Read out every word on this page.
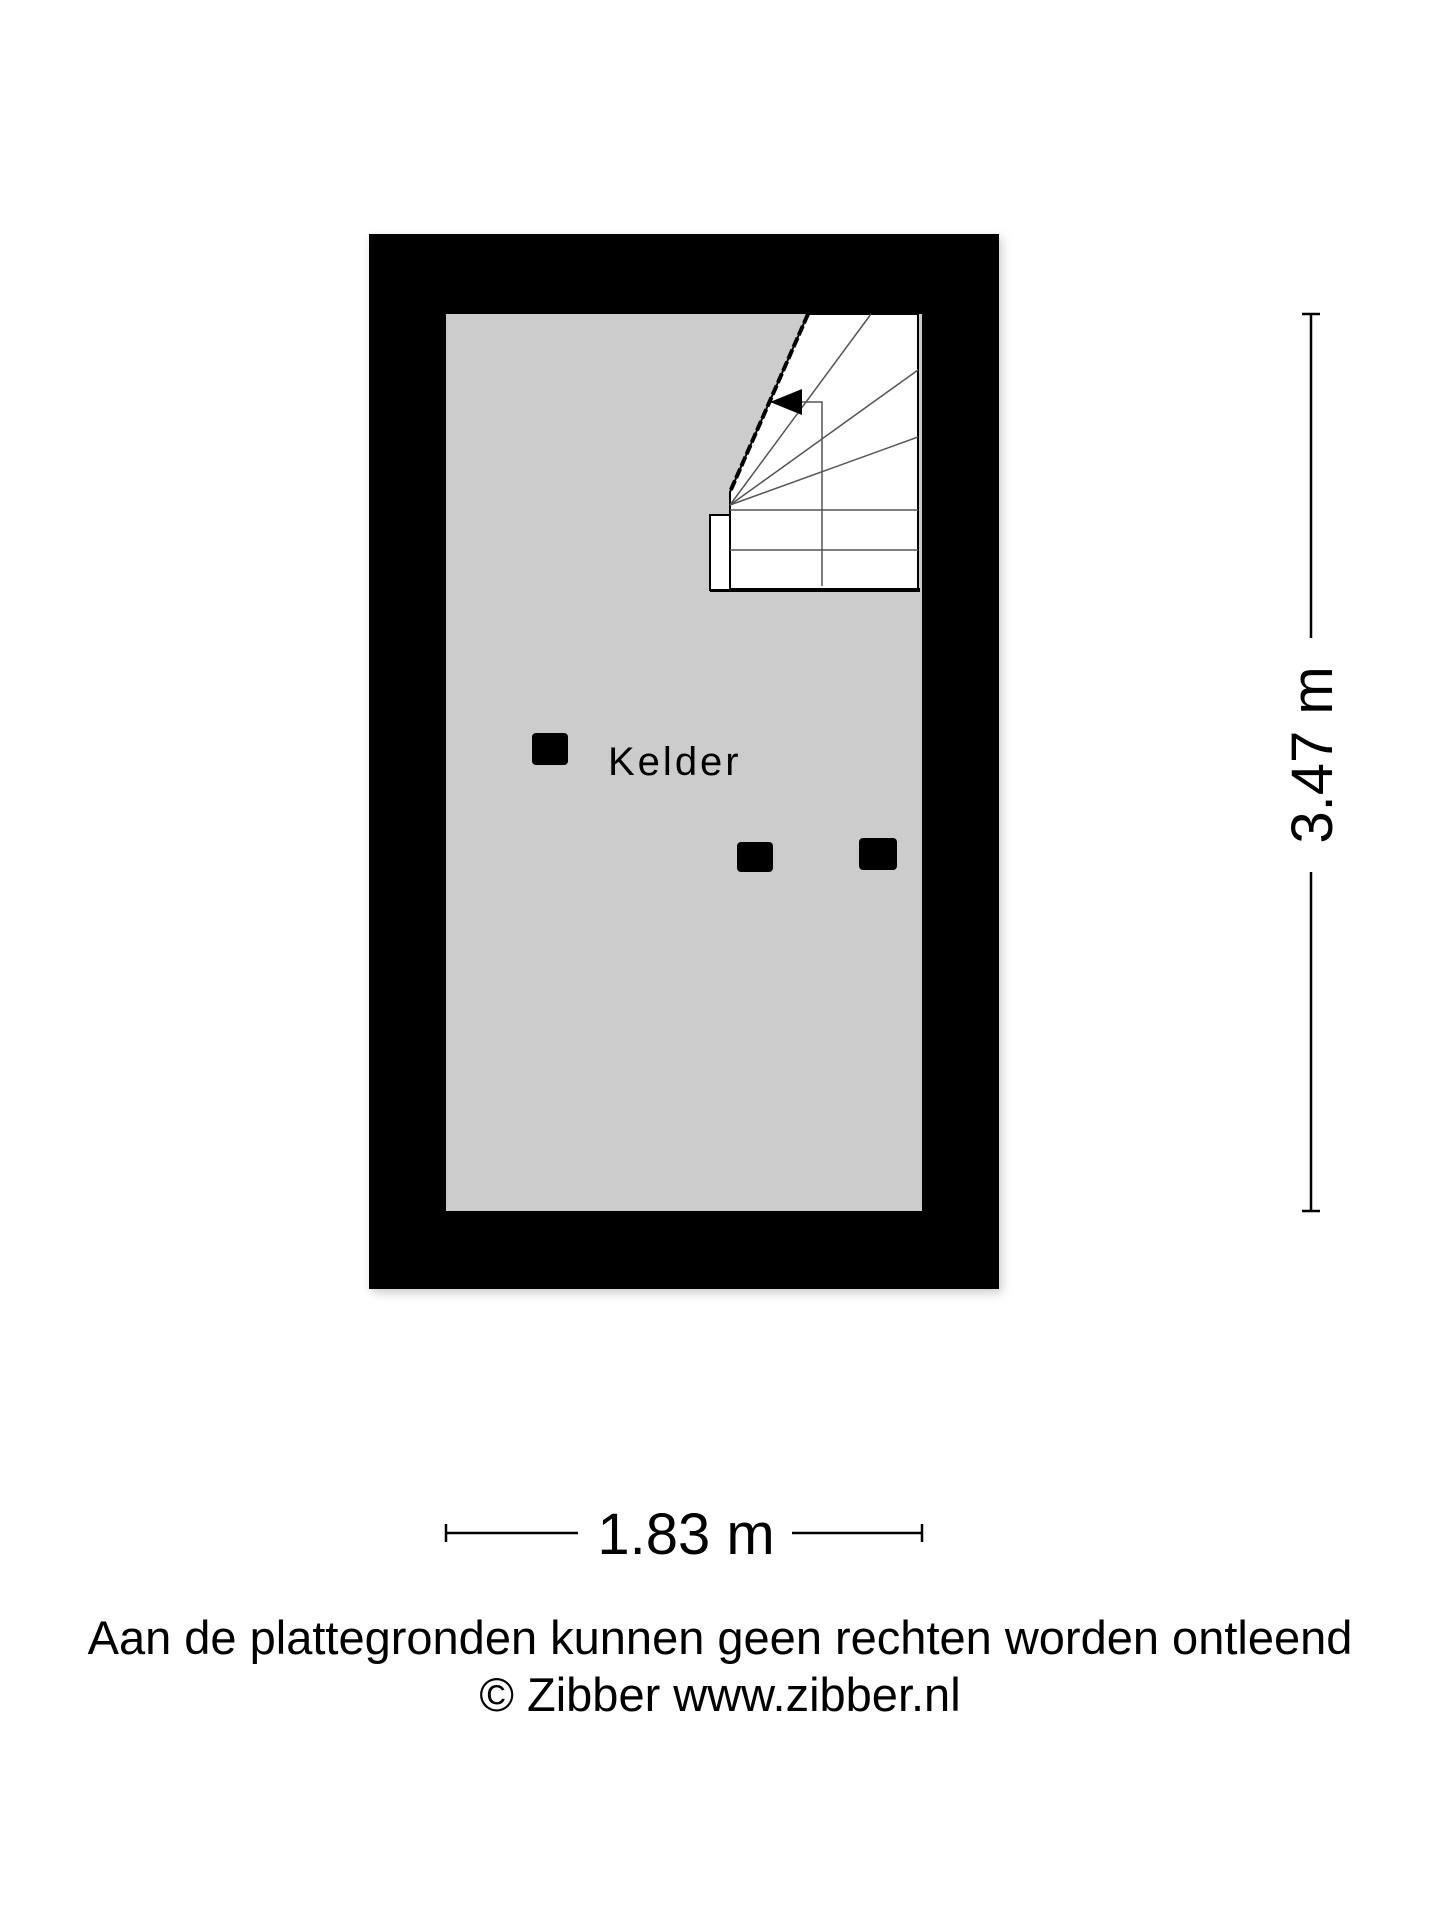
Kelder	3.47 m
1.83 m
Aan de plattegronden kunnen geen rechten worden ontleend
© Zibber www.zibber.nl
